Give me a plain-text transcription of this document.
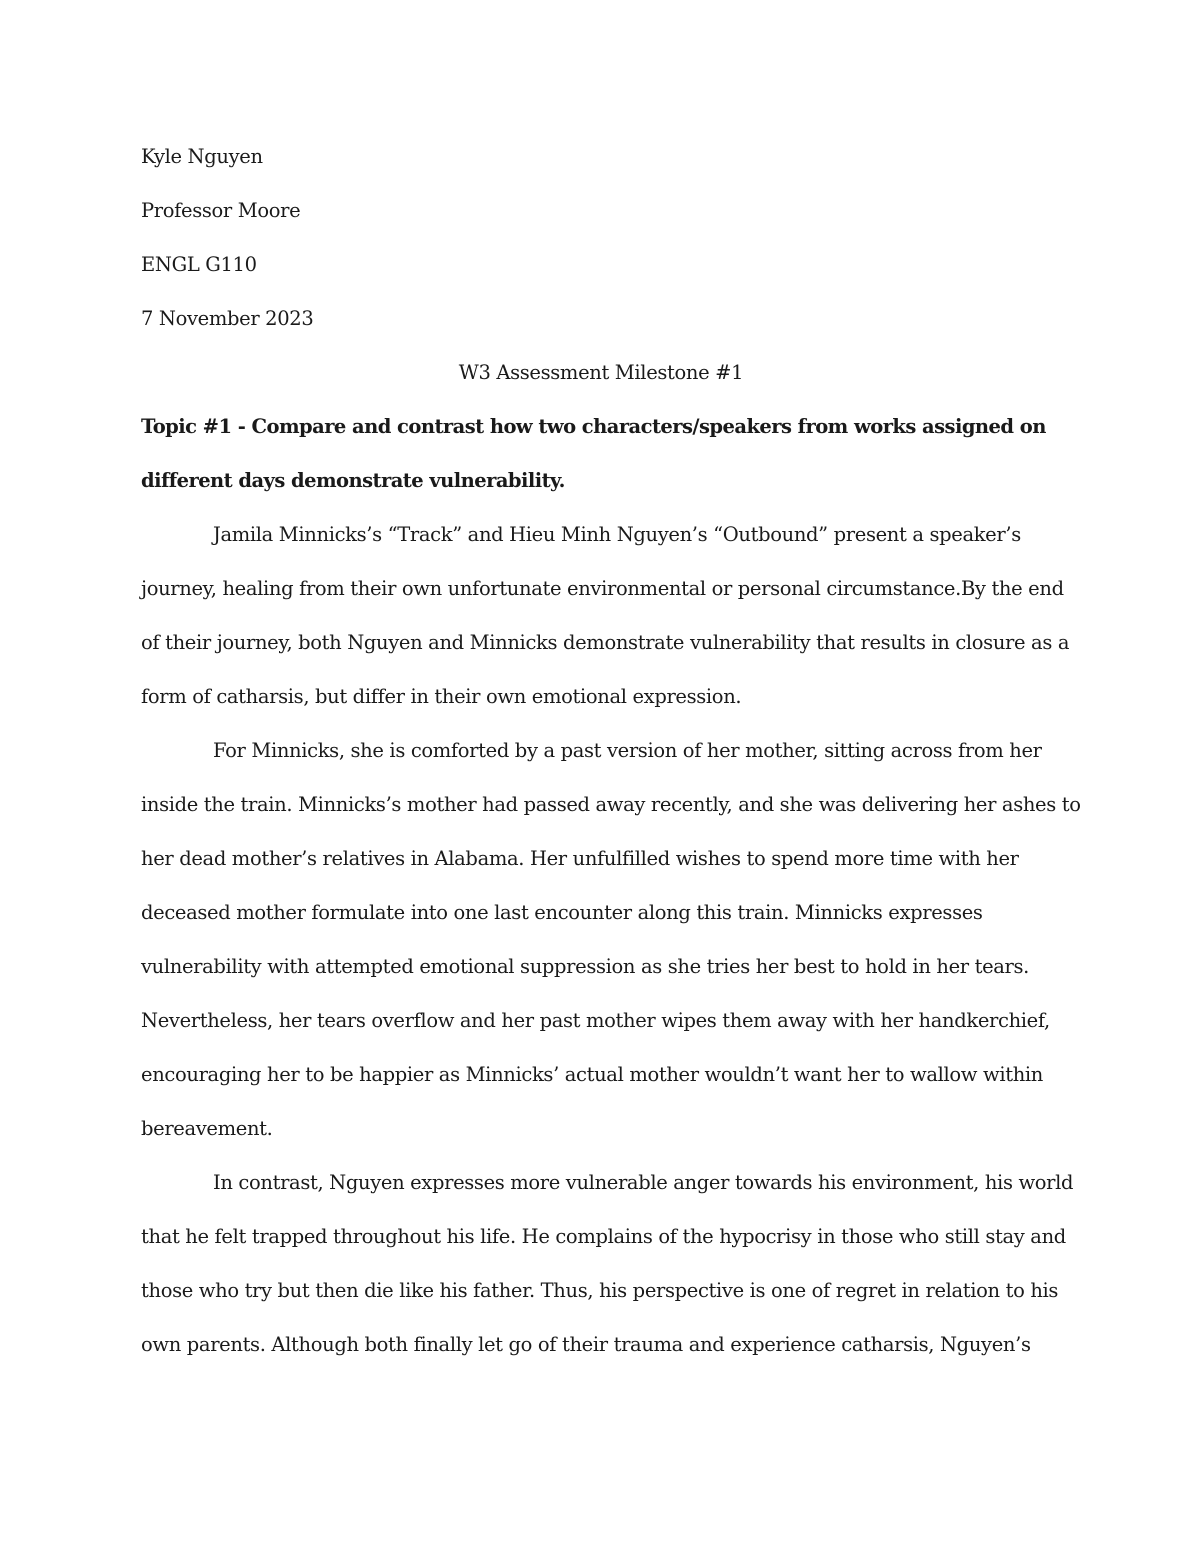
Kyle Nguyen
Professor Moore
ENGL G110
7 November 2023
W3 Assessment Milestone #1
Topic #1 - Compare and contrast how two characters/speakers from works assigned on
different days demonstrate vulnerability.
Jamila Minnicks’s “Track” and Hieu Minh Nguyen’s “Outbound” present a speaker’s
journey, healing from their own unfortunate environmental or personal circumstance.By the end
of their journey, both Nguyen and Minnicks demonstrate vulnerability that results in closure as a
form of catharsis, but differ in their own emotional expression.
For Minnicks, she is comforted by a past version of her mother, sitting across from her
inside the train. Minnicks’s mother had passed away recently, and she was delivering her ashes to
her dead mother’s relatives in Alabama. Her unfulfilled wishes to spend more time with her
deceased mother formulate into one last encounter along this train. Minnicks expresses
vulnerability with attempted emotional suppression as she tries her best to hold in her tears.
Nevertheless, her tears overflow and her past mother wipes them away with her handkerchief,
encouraging her to be happier as Minnicks’ actual mother wouldn’t want her to wallow within
bereavement.
In contrast, Nguyen expresses more vulnerable anger towards his environment, his world
that he felt trapped throughout his life. He complains of the hypocrisy in those who still stay and
those who try but then die like his father. Thus, his perspective is one of regret in relation to his
own parents. Although both finally let go of their trauma and experience catharsis, Nguyen’s
